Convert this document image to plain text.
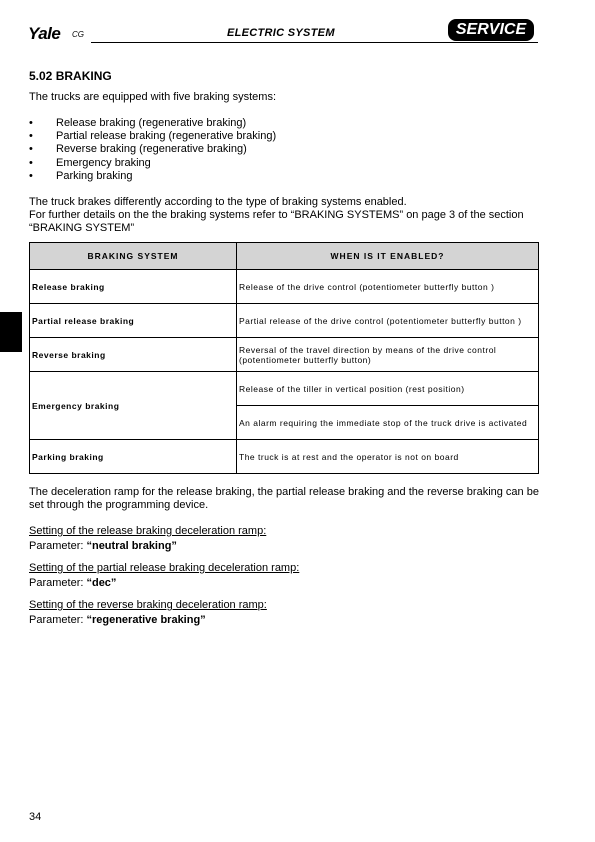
Yale CG	ELECTRIC SYSTEM	SERVICE
5.02 BRAKING
The trucks are equipped with five braking systems:
• Release braking (regenerative braking)
• Partial release braking (regenerative braking)
• Reverse braking (regenerative braking)
• Emergency braking
• Parking braking
The truck brakes differently according to the type of braking systems enabled.
For further details on the the braking systems refer to “BRAKING SYSTEMS” on page 3 of the section
“BRAKING SYSTEM”
BRAKING SYSTEM	WHEN IS IT ENABLED?
Release braking	Release of the drive control (potentiometer butterfly button )
Partial release braking	Partial release of the drive control (potentiometer butterfly button )
Reverse braking	Reversal of the travel direction by means of the drive control (potentiometer butterfly button)
Emergency braking	Release of the tiller in vertical position (rest position)
	An alarm requiring the immediate stop of the truck drive is activated
Parking braking	The truck is at rest and the operator is not on board
The deceleration ramp for the release braking, the partial release braking and the reverse braking can be
set through the programming device.
Setting of the release braking deceleration ramp:
Parameter: “neutral braking”
Setting of the partial release braking deceleration ramp:
Parameter: “dec”
Setting of the reverse braking deceleration ramp:
Parameter: “regenerative braking”
34
